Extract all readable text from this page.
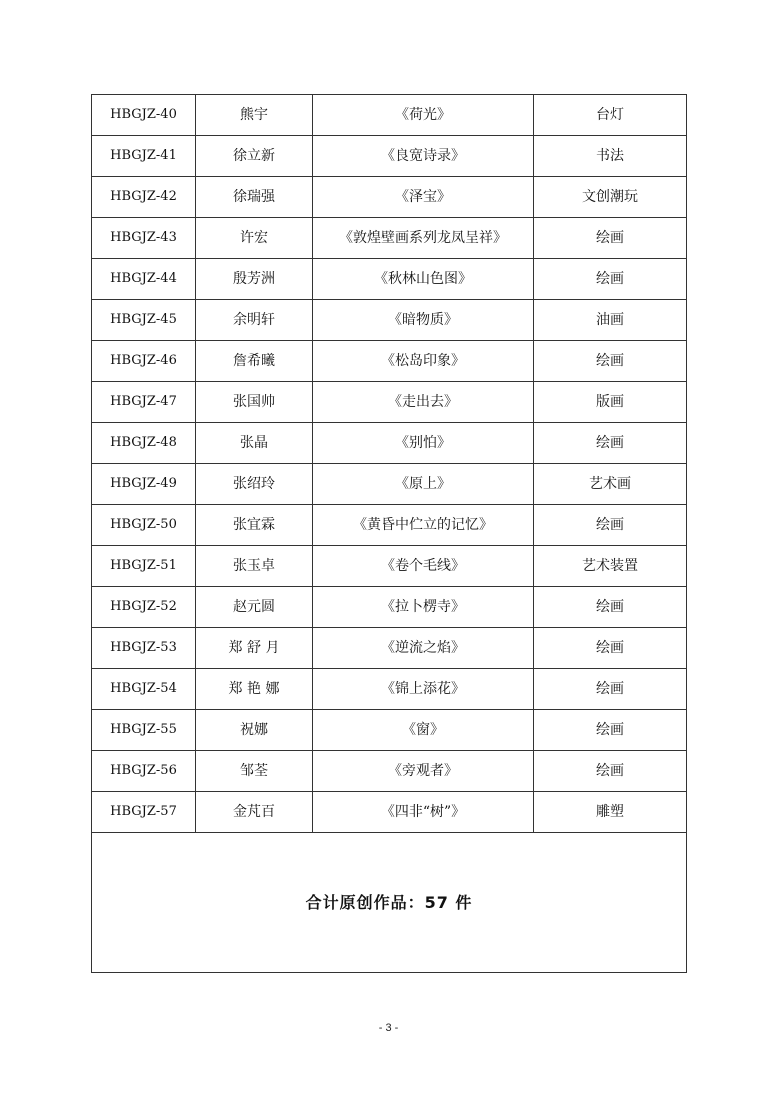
HBGJZ-40	熊宇	《荷光》	台灯
HBGJZ-41	徐立新	《良宽诗录》	书法
HBGJZ-42	徐瑞强	《泽宝》	文创潮玩
HBGJZ-43	许宏	《敦煌壁画系列龙凤呈祥》	绘画
HBGJZ-44	殷芳洲	《秋林山色图》	绘画
HBGJZ-45	余明轩	《暗物质》	油画
HBGJZ-46	詹希曦	《松岛印象》	绘画
HBGJZ-47	张国帅	《走出去》	版画
HBGJZ-48	张晶	《别怕》	绘画
HBGJZ-49	张绍玲	《原上》	艺术画
HBGJZ-50	张宜霖	《黄昏中伫立的记忆》	绘画
HBGJZ-51	张玉卓	《卷个毛线》	艺术装置
HBGJZ-52	赵元圆	《拉卜楞寺》	绘画
HBGJZ-53	郑 舒 月	《逆流之焰》	绘画
HBGJZ-54	郑 艳 娜	《锦上添花》	绘画
HBGJZ-55	祝娜	《窗》	绘画
HBGJZ-56	邹荃	《旁观者》	绘画
HBGJZ-57	金芃百	《四非“树”》	雕塑
合计原创作品：57 件			
- 3 -
